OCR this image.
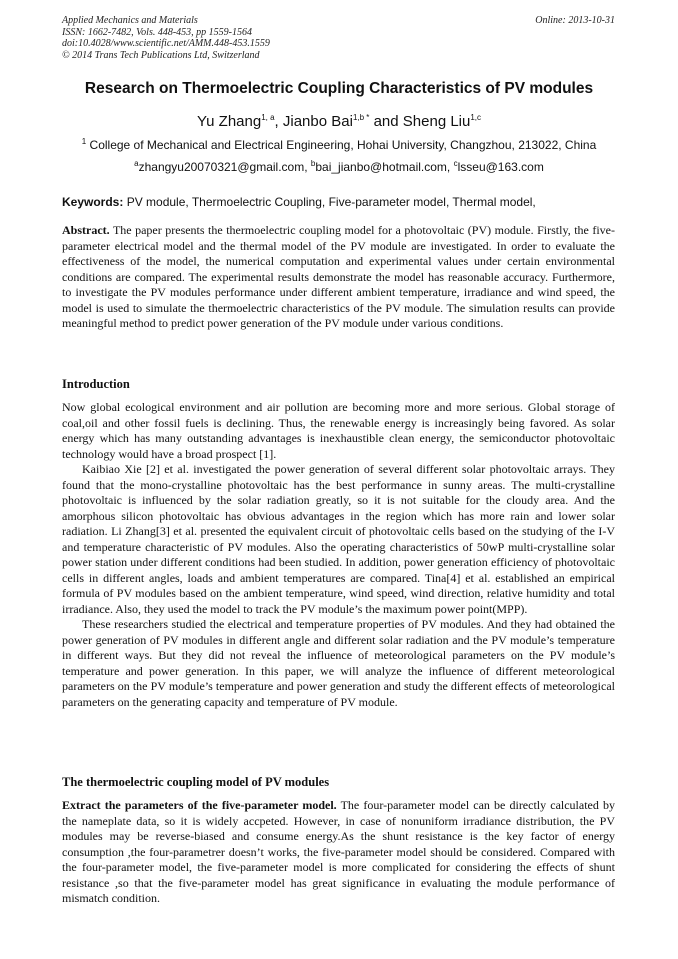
Applied Mechanics and Materials
ISSN: 1662-7482, Vols. 448-453, pp 1559-1564
doi:10.4028/www.scientific.net/AMM.448-453.1559
© 2014 Trans Tech Publications Ltd, Switzerland
Online: 2013-10-31
Research on Thermoelectric Coupling Characteristics of PV modules
Yu Zhang$^{1, a}$, Jianbo Bai$^{1,b *}$ and Sheng Liu$^{1,c}$
$^1$ College of Mechanical and Electrical Engineering, Hohai University, Changzhou, 213022, China
$^a$zhangyu20070321@gmail.com, $^b$bai_jianbo@hotmail.com, $^c$lsseu@163.com
Keywords: PV module, Thermoelectric Coupling, Five-parameter model, Thermal model,

Abstract. The paper presents the thermoelectric coupling model for a photovoltaic (PV) module. Firstly, the five-parameter electrical model and the thermal model of the PV module are investigated. In order to evaluate the effectiveness of the model, the numerical computation and experimental values under certain environmental conditions are compared. The experimental results demonstrate the model has reasonable accuracy. Furthermore, to investigate the PV modules performance under different ambient temperature, irradiance and wind speed, the model is used to simulate the thermoelectric characteristics of the PV module. The simulation results can provide meaningful method to predict power generation of the PV module under various conditions.

Introduction

Now global ecological environment and air pollution are becoming more and more serious. Global storage of coal,oil and other fossil fuels is declining. Thus, the renewable energy is increasingly being favored. As solar energy which has many outstanding advantages is inexhaustible clean energy, the semiconductor photovoltaic technology would have a broad prospect [1].

Kaibiao Xie [2] et al. investigated the power generation of several different solar photovoltaic arrays. They found that the mono-crystalline photovoltaic has the best performance in sunny areas. The multi-crystalline photovoltaic is influenced by the solar radiation greatly, so it is not suitable for the cloudy area. And the amorphous silicon photovoltaic has obvious advantages in the region which has more rain and lower solar radiation. Li Zhang[3] et al. presented the equivalent circuit of photovoltaic cells based on the studying of the I-V and temperature characteristic of PV modules. Also the operating characteristics of 50wP multi-crystalline solar power station under different conditions had been studied. In addition, power generation efficiency of photovoltaic cells in different angles, loads and ambient temperatures are compared. Tina[4] et al. established an empirical formula of PV modules based on the ambient temperature, wind speed, wind direction, relative humidity and total irradiance. Also, they used the model to track the PV module’s the maximum power point(MPP).

These researchers studied the electrical and temperature properties of PV modules. And they had obtained the power generation of PV modules in different angle and different solar radiation and the PV module’s temperature in different ways. But they did not reveal the influence of meteorological parameters on the PV module’s temperature and power generation. In this paper, we will analyze the influence of different meteorological parameters on the PV module’s temperature and power generation and study the different effects of meteorological parameters on the generating capacity and temperature of PV module.

The thermoelectric coupling model of PV modules

Extract the parameters of the five-parameter model. The four-parameter model can be directly calculated by the nameplate data, so it is widely accpeted. However, in case of nonuniform irradiance distribution, the PV modules may be reverse-biased and consume energy.As the shunt resistance is the key factor of energy consumption ,the four-parametrer doesn’t works, the five-parameter model should be considered. Compared with the four-parameter model, the five-parameter model is more complicated for considering the effects of shunt resistance ,so that the five-parameter model has great significance in evaluating the module performance of mismatch condition.
